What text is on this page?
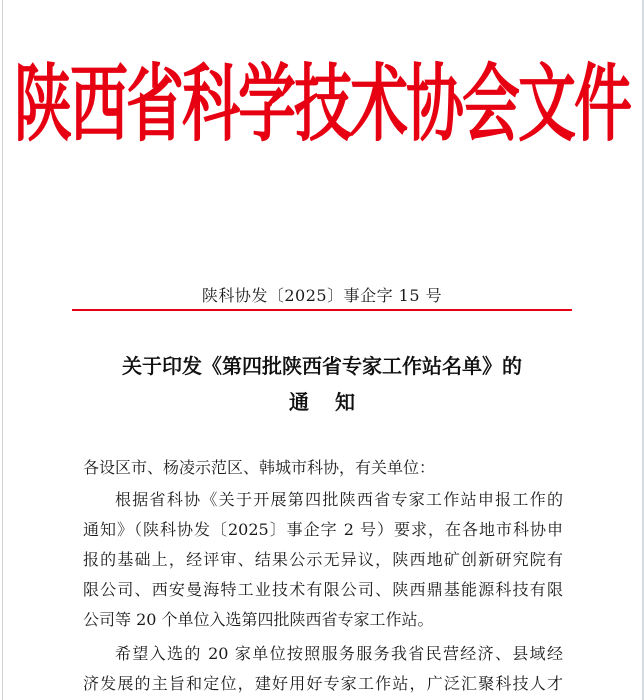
陕西省科学技术协会文件
陕科协发〔2025〕事企字 15 号
关于印发《第四批陕西省专家工作站名单》的
通知
各设区市、杨凌示范区、韩城市科协，有关单位：
根据省科协《关于开展第四批陕西省专家工作站申报工作的
通知》（陕科协发〔2025〕事企字 2 号）要求，在各地市科协申
报的基础上，经评审、结果公示无异议，陕西地矿创新研究院有
限公司、西安曼海特工业技术有限公司、陕西鼎基能源科技有限
公司等 20 个单位入选第四批陕西省专家工作站。
希望入选的 20 家单位按照服务服务我省民营经济、县域经
济发展的主旨和定位，建好用好专家工作站，广泛汇聚科技人才
